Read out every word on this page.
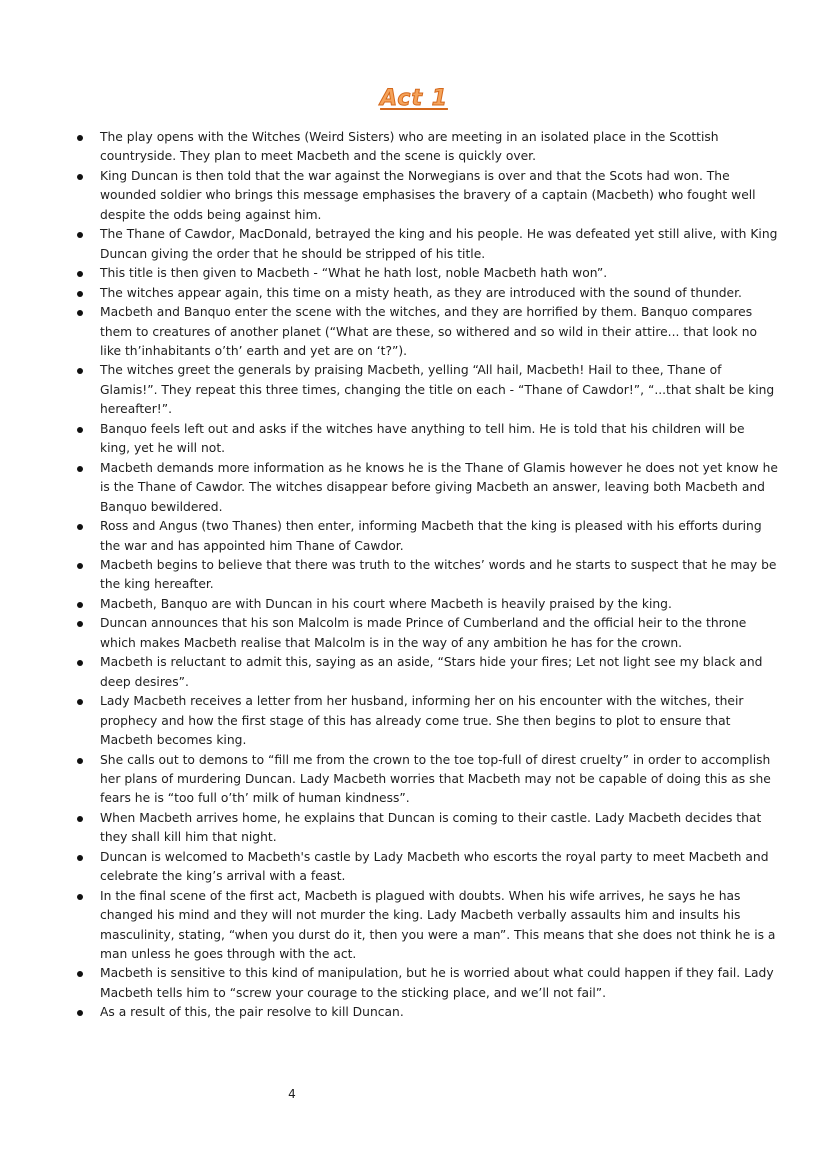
Act 1
The play opens with the Witches (Weird Sisters) who are meeting in an isolated place in the Scottish countryside. They plan to meet Macbeth and the scene is quickly over.
King Duncan is then told that the war against the Norwegians is over and that the Scots had won. The wounded soldier who brings this message emphasises the bravery of a captain (Macbeth) who fought well despite the odds being against him.
The Thane of Cawdor, MacDonald, betrayed the king and his people. He was defeated yet still alive, with King Duncan giving the order that he should be stripped of his title.
This title is then given to Macbeth - “What he hath lost, noble Macbeth hath won”.
The witches appear again, this time on a misty heath, as they are introduced with the sound of thunder.
Macbeth and Banquo enter the scene with the witches, and they are horrified by them. Banquo compares them to creatures of another planet (“What are these, so withered and so wild in their attire... that look no like th’inhabitants o’th’ earth and yet are on ‘t?”).
The witches greet the generals by praising Macbeth, yelling “All hail, Macbeth! Hail to thee, Thane of Glamis!”. They repeat this three times, changing the title on each - “Thane of Cawdor!”, “...that shalt be king hereafter!”.
Banquo feels left out and asks if the witches have anything to tell him. He is told that his children will be king, yet he will not.
Macbeth demands more information as he knows he is the Thane of Glamis however he does not yet know he is the Thane of Cawdor. The witches disappear before giving Macbeth an answer, leaving both Macbeth and Banquo bewildered.
Ross and Angus (two Thanes) then enter, informing Macbeth that the king is pleased with his efforts during the war and has appointed him Thane of Cawdor.
Macbeth begins to believe that there was truth to the witches’ words and he starts to suspect that he may be the king hereafter.
Macbeth, Banquo are with Duncan in his court where Macbeth is heavily praised by the king.
Duncan announces that his son Malcolm is made Prince of Cumberland and the official heir to the throne which makes Macbeth realise that Malcolm is in the way of any ambition he has for the crown.
Macbeth is reluctant to admit this, saying as an aside, “Stars hide your fires; Let not light see my black and deep desires”.
Lady Macbeth receives a letter from her husband, informing her on his encounter with the witches, their prophecy and how the first stage of this has already come true. She then begins to plot to ensure that Macbeth becomes king.
She calls out to demons to “fill me from the crown to the toe top-full of direst cruelty” in order to accomplish her plans of murdering Duncan. Lady Macbeth worries that Macbeth may not be capable of doing this as she fears he is “too full o’th’ milk of human kindness”.
When Macbeth arrives home, he explains that Duncan is coming to their castle. Lady Macbeth decides that they shall kill him that night.
Duncan is welcomed to Macbeth's castle by Lady Macbeth who escorts the royal party to meet Macbeth and celebrate the king’s arrival with a feast.
In the final scene of the first act, Macbeth is plagued with doubts. When his wife arrives, he says he has changed his mind and they will not murder the king. Lady Macbeth verbally assaults him and insults his masculinity, stating, “when you durst do it, then you were a man”. This means that she does not think he is a man unless he goes through with the act.
Macbeth is sensitive to this kind of manipulation, but he is worried about what could happen if they fail. Lady Macbeth tells him to “screw your courage to the sticking place, and we’ll not fail”.
As a result of this, the pair resolve to kill Duncan.
4
